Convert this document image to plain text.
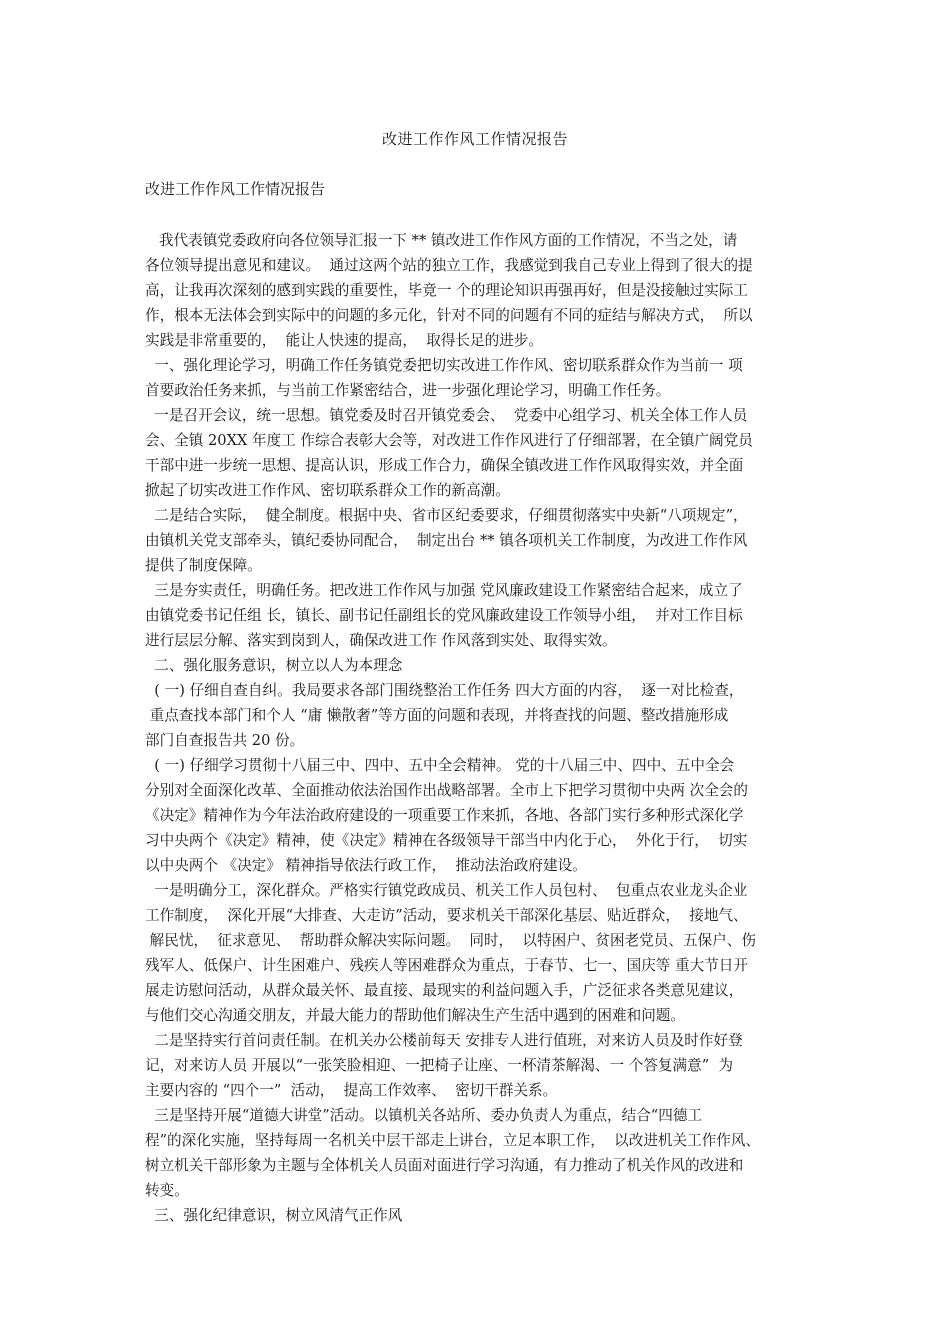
改进工作作风工作情况报告
改进工作作风工作情况报告
我代表镇党委政府向各位领导汇报一下 ** 镇改进工作作风方面的工作情况，不当之处，请
各位领导提出意见和建议。  通过这两个站的独立工作，我感觉到我自己专业上得到了很大的提
高，让我再次深刻的感到实践的重要性，毕竟一 个的理论知识再强再好，但是没接触过实际工
作，根本无法体会到实际中的问题的多元化，针对不同的问题有不同的症结与解决方式，  所以
实践是非常重要的，  能让人快速的提高，  取得长足的进步。
一、强化理论学习，明确工作任务镇党委把切实改进工作作风、密切联系群众作为当前一 项
首要政治任务来抓，与当前工作紧密结合，进一步强化理论学习，明确工作任务。
一是召开会议，统一思想。镇党委及时召开镇党委会、  党委中心组学习、机关全体工作人员
会、全镇 20XX 年度工 作综合表彰大会等，对改进工作作风进行了仔细部署，在全镇广阔党员
干部中进一步统一思想、提高认识，形成工作合力，确保全镇改进工作作风取得实效，并全面
掀起了切实改进工作作风、密切联系群众工作的新高潮。
二是结合实际，  健全制度。根据中央、省市区纪委要求，仔细贯彻落实中央新“八项规定”，
由镇机关党支部牵头，镇纪委协同配合，  制定出台 ** 镇各项机关工作制度，为改进工作作风
提供了制度保障。
三是夯实责任，明确任务。把改进工作作风与加强 党风廉政建设工作紧密结合起来，成立了
由镇党委书记任组 长，镇长、副书记任副组长的党风廉政建设工作领导小组，  并对工作目标
进行层层分解、落实到岗到人，确保改进工作 作风落到实处、取得实效。
二、强化服务意识，树立以人为本理念
( 一) 仔细自查自纠。我局要求各部门围绕整治工作任务 四大方面的内容，  逐一对比检查，
重点查找本部门和个人 “庸 懒散奢”等方面的问题和表现，并将查找的问题、整改措施形成
部门自查报告共 20 份。
( 一) 仔细学习贯彻十八届三中、四中、五中全会精神。 党的十八届三中、四中、五中全会
分别对全面深化改革、全面推动依法治国作出战略部署。全市上下把学习贯彻中央两 次全会的
《决定》精神作为今年法治政府建设的一项重要工作来抓，各地、各部门实行多种形式深化学
习中央两个《决定》精神，使《决定》精神在各级领导干部当中内化于心，  外化于行，  切实
以中央两个 《决定》 精神指导依法行政工作，  推动法治政府建设。
一是明确分工，深化群众。严格实行镇党政成员、机关工作人员包村、  包重点农业龙头企业
工作制度，  深化开展“大排查、大走访”活动，要求机关干部深化基层、贴近群众，  接地气、
解民忧，  征求意见、  帮助群众解决实际问题。  同时，  以特困户、贫困老党员、五保户、伤
残军人、低保户、计生困难户、残疾人等困难群众为重点，于春节、七一、国庆等 重大节日开
展走访慰问活动，从群众最关怀、最直接、最现实的利益问题入手，广泛征求各类意见建议，
与他们交心沟通交朋友，并最大能力的帮助他们解决生产生活中遇到的困难和问题。
二是坚持实行首问责任制。在机关办公楼前每天 安排专人进行值班，对来访人员及时作好登
记，对来访人员 开展以“一张笑脸相迎、一把椅子让座、一杯清茶解渴、一 个答复满意”  为
主要内容的 “四个一”  活动，  提高工作效率、  密切干群关系。
三是坚持开展“道德大讲堂”活动。以镇机关各站所、委办负责人为重点，结合“四德工
程”的深化实施，坚持每周一名机关中层干部走上讲台，立足本职工作，  以改进机关工作作风、
树立机关干部形象为主题与全体机关人员面对面进行学习沟通，有力推动了机关作风的改进和
转变。
三、强化纪律意识，树立风清气正作风
